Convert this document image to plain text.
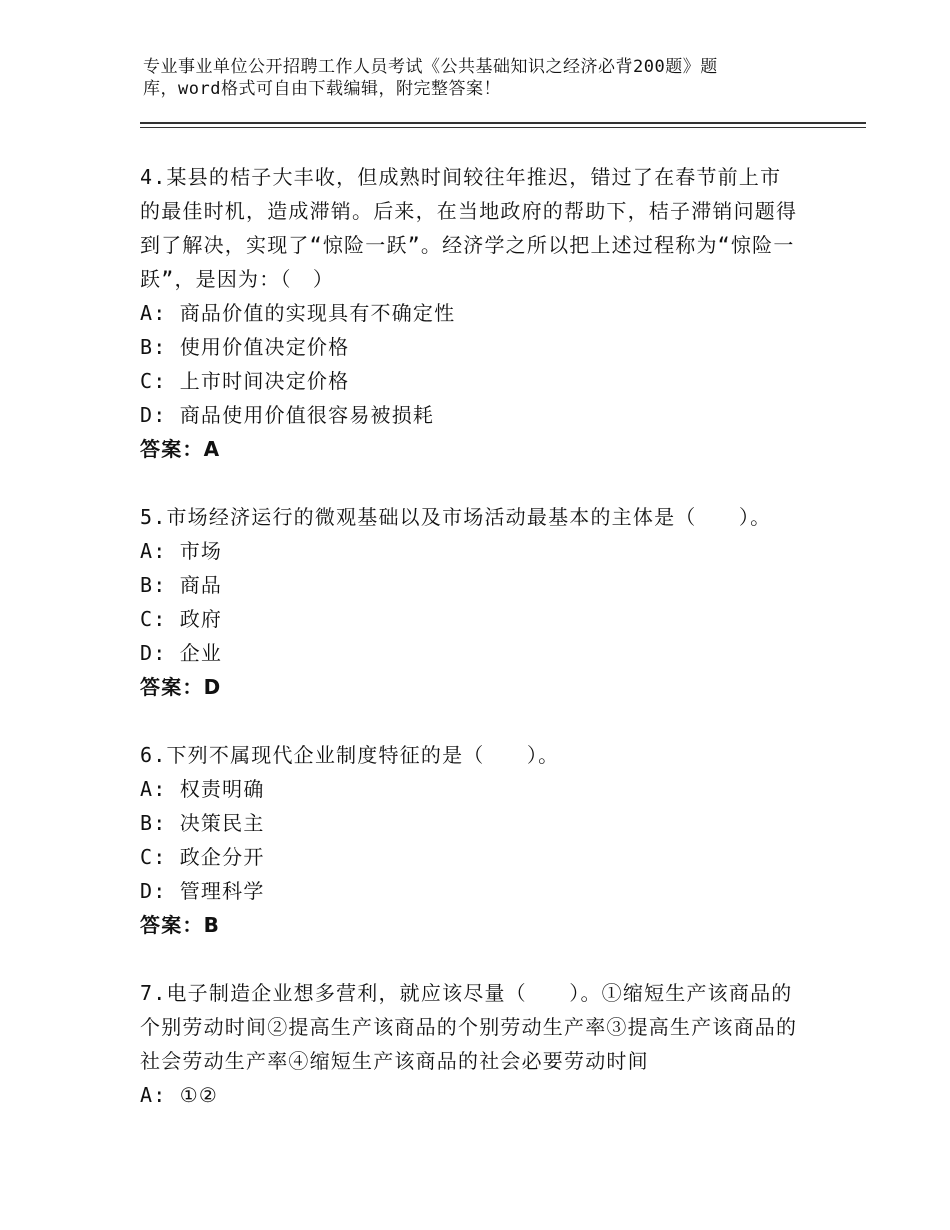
专业事业单位公开招聘工作人员考试《公共基础知识之经济必背200题》题
库，word格式可自由下载编辑，附完整答案！

4.某县的桔子大丰收，但成熟时间较往年推迟，错过了在春节前上市的最佳时机，造成滞销。后来，在当地政府的帮助下，桔子滞销问题得到了解决，实现了“惊险一跃”。经济学之所以把上述过程称为“惊险一跃”，是因为：（　）

A: 商品价值的实现具有不确定性

B: 使用价值决定价格

C: 上市时间决定价格

D: 商品使用价值很容易被损耗

答案：A

5.市场经济运行的微观基础以及市场活动最基本的主体是（　　）。

A: 市场

B: 商品

C: 政府

D: 企业

答案：D

6.下列不属现代企业制度特征的是（　　）。

A: 权责明确

B: 决策民主

C: 政企分开

D: 管理科学

答案：B

7.电子制造企业想多营利，就应该尽量（　　）。①缩短生产该商品的个别劳动时间②提高生产该商品的个别劳动生产率③提高生产该商品的社会劳动生产率④缩短生产该商品的社会必要劳动时间

A: ①②
